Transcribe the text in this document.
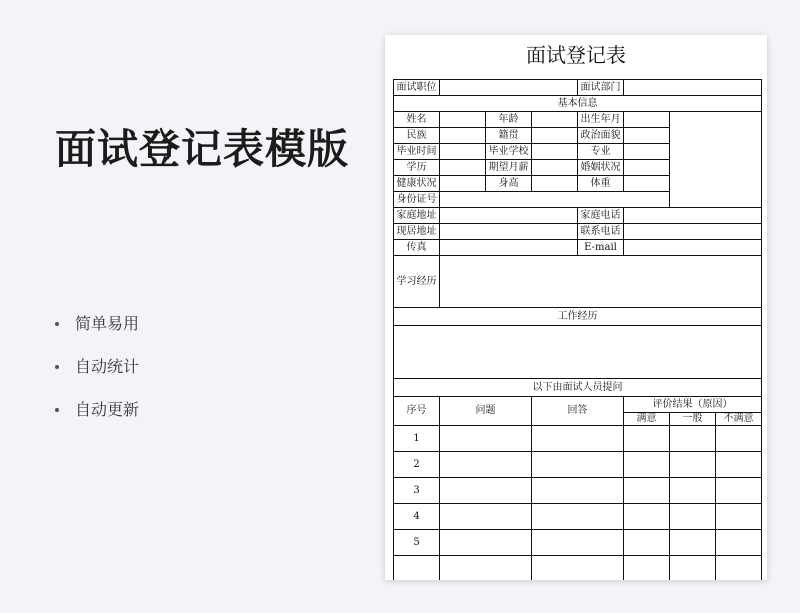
面试登记表模版
简单易用
自动统计
自动更新
面试登记表
面试职位				面试部门			
基本信息							
姓名		年龄		出生年月			
民族		籍贯		政治面貌			
毕业时间		毕业学校		专业			
学历		期望月薪		婚姻状况			
健康状况		身高		体重			
身份证号							
家庭地址				家庭电话			
现居地址				联系电话			
传真				E-mail			
学习经历							
工作经历							

以下由面试人员提问							
序号	问题		回答		评价结果（原因）		
					满意	一般	不满意
1							
2							
3							
4							
5							
